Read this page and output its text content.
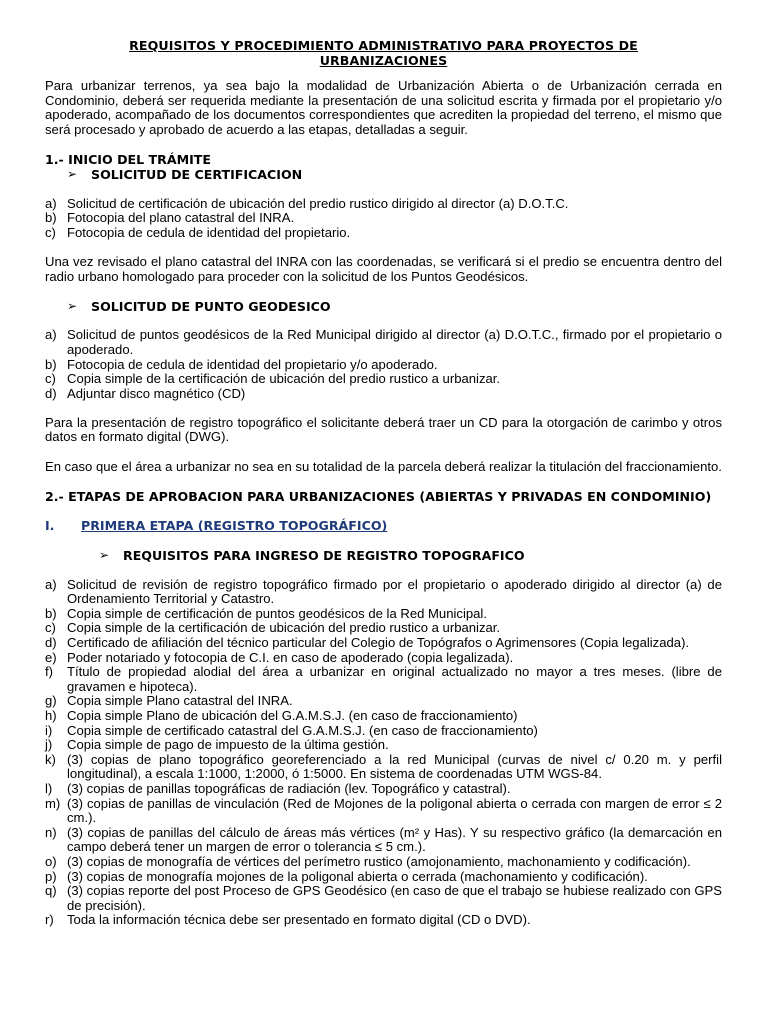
REQUISITOS Y PROCEDIMIENTO ADMINISTRATIVO PARA PROYECTOS DE
URBANIZACIONES

Para urbanizar terrenos, ya sea bajo la modalidad de Urbanización Abierta o de Urbanización cerrada en Condominio, deberá ser requerida mediante la presentación de una solicitud escrita y firmada por el propietario y/o apoderado, acompañado de los documentos correspondientes que acrediten la propiedad del terreno, el mismo que será procesado y aprobado de acuerdo a las etapas, detalladas a seguir.

1.- INICIO DEL TRÁMITE
➢	SOLICITUD DE CERTIFICACION
a) Solicitud de certificación de ubicación del predio rustico dirigido al director (a) D.O.T.C.
b) Fotocopia del plano catastral del INRA.
c) Fotocopia de cedula de identidad del propietario.

Una vez revisado el plano catastral del INRA con las coordenadas, se verificará si el predio se encuentra dentro del radio urbano homologado para proceder con la solicitud de los Puntos Geodésicos.

➢	SOLICITUD DE PUNTO GEODESICO
a) Solicitud de puntos geodésicos de la Red Municipal dirigido al director (a) D.O.T.C., firmado por el propietario o apoderado.
b) Fotocopia de cedula de identidad del propietario y/o apoderado.
c) Copia simple de la certificación de ubicación del predio rustico a urbanizar.
d) Adjuntar disco magnético (CD)

Para la presentación de registro topográfico el solicitante deberá traer un CD para la otorgación de carimbo y otros datos en formato digital (DWG).

En caso que el área a urbanizar no sea en su totalidad de la parcela deberá realizar la titulación del fraccionamiento.

2.- ETAPAS DE APROBACION PARA URBANIZACIONES (ABIERTAS Y PRIVADAS EN CONDOMINIO)
I.	PRIMERA ETAPA (REGISTRO TOPOGRÁFICO)
➢	REQUISITOS PARA INGRESO DE REGISTRO TOPOGRAFICO
a) Solicitud de revisión de registro topográfico firmado por el propietario o apoderado dirigido al director (a) de Ordenamiento Territorial y Catastro.
b) Copia simple de certificación de puntos geodésicos de la Red Municipal.
c) Copia simple de la certificación de ubicación del predio rustico a urbanizar.
d) Certificado de afiliación del técnico particular del Colegio de Topógrafos o Agrimensores (Copia legalizada).
e) Poder notariado y fotocopia de C.I. en caso de apoderado (copia legalizada).
f)	Título de propiedad alodial del área a urbanizar en original actualizado no mayor a tres meses. (libre de gravamen e hipoteca).
g) Copia simple Plano catastral del INRA.
h) Copia simple Plano de ubicación del G.A.M.S.J. (en caso de fraccionamiento)
i)	Copia simple de certificado catastral del G.A.M.S.J. (en caso de fraccionamiento)
j)	Copia simple de pago de impuesto de la última gestión.
k) (3) copias de plano topográfico georeferenciado a la red Municipal (curvas de nivel c/ 0.20 m. y perfil longitudinal), a escala 1:1000, 1:2000, ó 1:5000. En sistema de coordenadas UTM WGS-84.
l)	(3) copias de panillas topográficas de radiación (lev. Topográfico y catastral).
m) (3) copias de panillas de vinculación (Red de Mojones de la poligonal abierta o cerrada con margen de error ≤ 2 cm.).
n) (3) copias de panillas del cálculo de áreas más vértices (m² y Has). Y su respectivo gráfico (la demarcación en campo deberá tener un margen de error o tolerancia ≤ 5 cm.).
o) (3) copias de monografía de vértices del perímetro rustico (amojonamiento, machonamiento y codificación).
p) (3) copias de monografía mojones de la poligonal abierta o cerrada (machonamiento y codificación).
q) (3) copias reporte del post Proceso de GPS Geodésico (en caso de que el trabajo se hubiese realizado con GPS de precisión).
r)	Toda la información técnica debe ser presentado en formato digital (CD o DVD).
